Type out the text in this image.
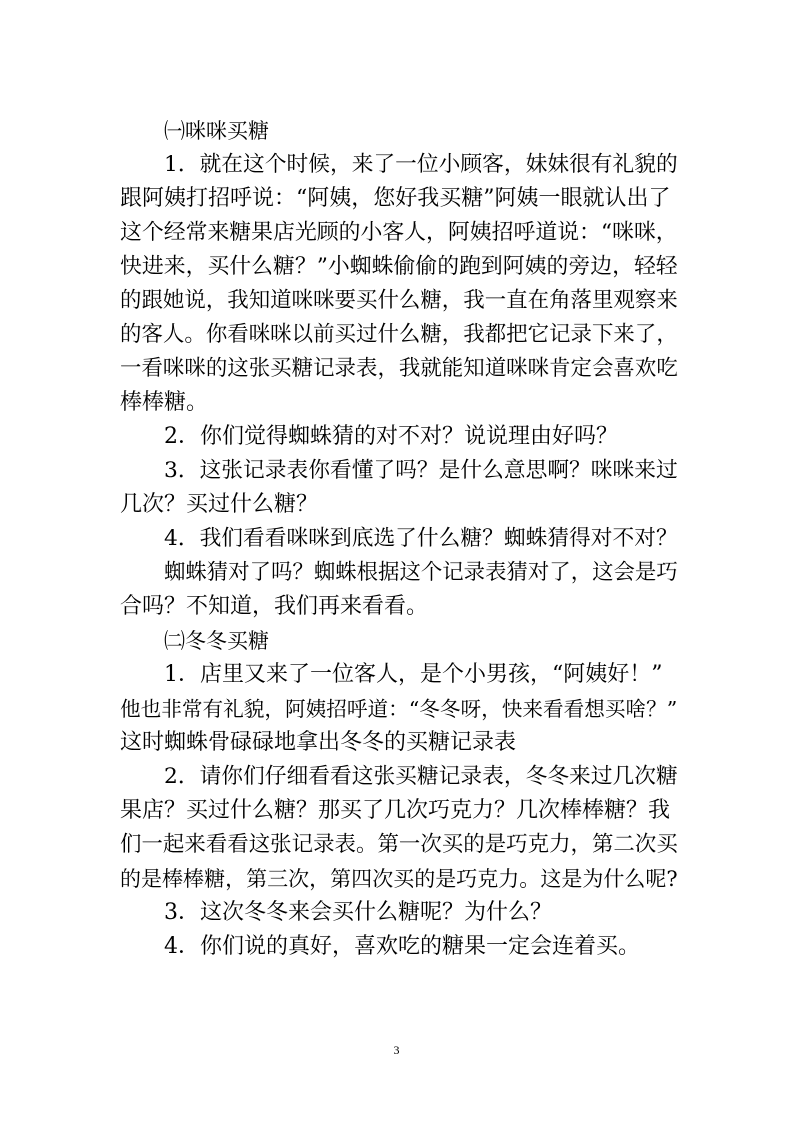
㈠咪咪买糖
1．就在这个时候，来了一位小顾客，妹妹很有礼貌的
跟阿姨打招呼说：“阿姨，您好我买糖”阿姨一眼就认出了
这个经常来糖果店光顾的小客人，阿姨招呼道说：“咪咪，
快进来，买什么糖？”小蜘蛛偷偷的跑到阿姨的旁边，轻轻
的跟她说，我知道咪咪要买什么糖，我一直在角落里观察来
的客人。你看咪咪以前买过什么糖，我都把它记录下来了，
一看咪咪的这张买糖记录表，我就能知道咪咪肯定会喜欢吃
棒棒糖。
2．你们觉得蜘蛛猜的对不对？说说理由好吗？
3．这张记录表你看懂了吗？是什么意思啊？咪咪来过
几次？买过什么糖？
4．我们看看咪咪到底选了什么糖？蜘蛛猜得对不对？
蜘蛛猜对了吗？蜘蛛根据这个记录表猜对了，这会是巧
合吗？不知道，我们再来看看。
㈡冬冬买糖
1．店里又来了一位客人，是个小男孩，“阿姨好！”
他也非常有礼貌，阿姨招呼道：“冬冬呀，快来看看想买啥？”
这时蜘蛛骨碌碌地拿出冬冬的买糖记录表
2．请你们仔细看看这张买糖记录表，冬冬来过几次糖
果店？买过什么糖？那买了几次巧克力？几次棒棒糖？我
们一起来看看这张记录表。第一次买的是巧克力，第二次买
的是棒棒糖，第三次，第四次买的是巧克力。这是为什么呢?
3．这次冬冬来会买什么糖呢？为什么？
4．你们说的真好，喜欢吃的糖果一定会连着买。
3
